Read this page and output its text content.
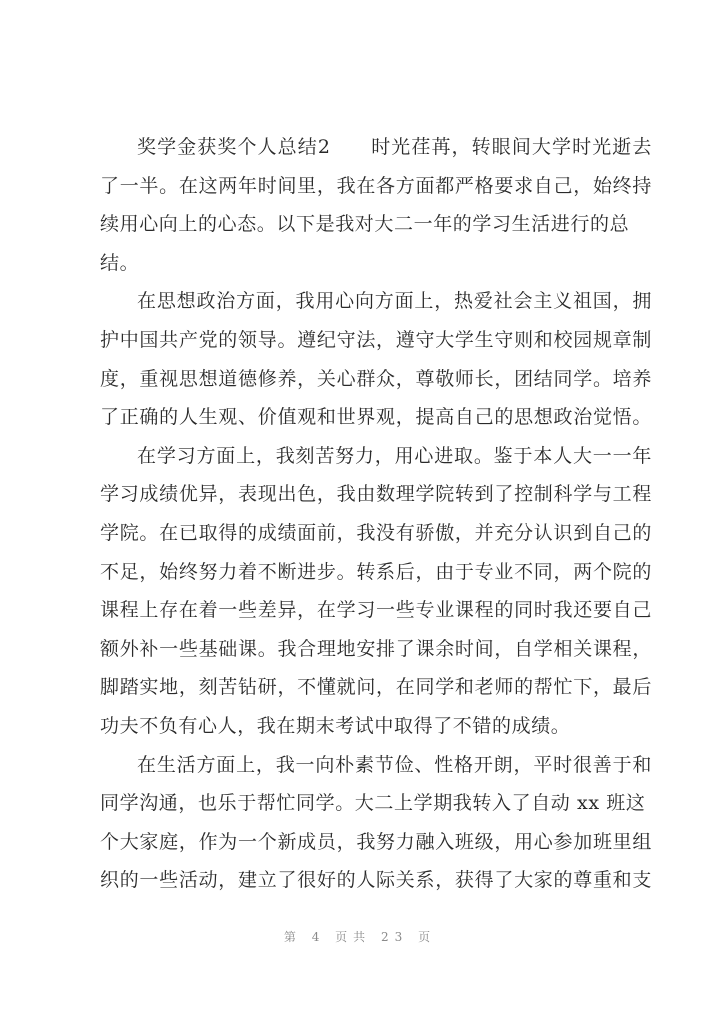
奖学金获奖个人总结2　　时光荏苒，转眼间大学时光逝去
了一半。在这两年时间里，我在各方面都严格要求自己，始终持
续用心向上的心态。以下是我对大二一年的学习生活进行的总
结。
在思想政治方面，我用心向方面上，热爱社会主义祖国，拥
护中国共产党的领导。遵纪守法，遵守大学生守则和校园规章制
度，重视思想道德修养，关心群众，尊敬师长，团结同学。培养
了正确的人生观、价值观和世界观，提高自己的思想政治觉悟。
在学习方面上，我刻苦努力，用心进取。鉴于本人大一一年
学习成绩优异，表现出色，我由数理学院转到了控制科学与工程
学院。在已取得的成绩面前，我没有骄傲，并充分认识到自己的
不足，始终努力着不断进步。转系后，由于专业不同，两个院的
课程上存在着一些差异，在学习一些专业课程的同时我还要自己
额外补一些基础课。我合理地安排了课余时间，自学相关课程，
脚踏实地，刻苦钻研，不懂就问，在同学和老师的帮忙下，最后
功夫不负有心人，我在期末考试中取得了不错的成绩。
在生活方面上，我一向朴素节俭、性格开朗，平时很善于和
同学沟通，也乐于帮忙同学。大二上学期我转入了自动 xx 班这
个大家庭，作为一个新成员，我努力融入班级，用心参加班里组
织的一些活动，建立了很好的人际关系，获得了大家的尊重和支
第 4 页共 23 页
